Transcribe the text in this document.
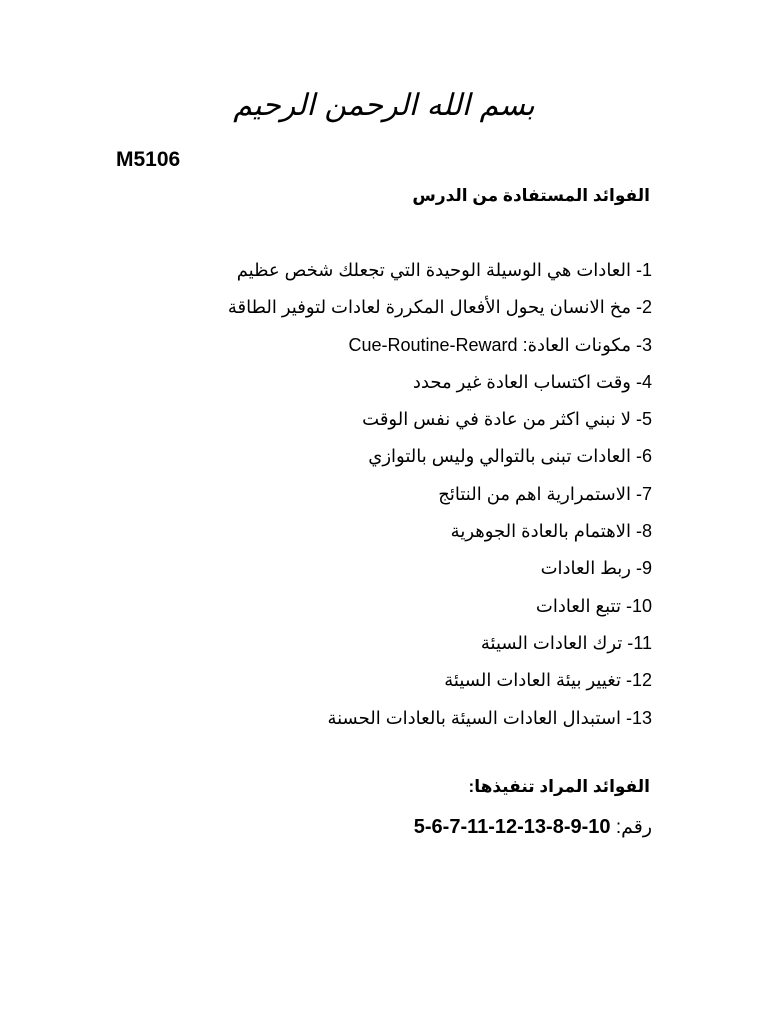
بسم الله الرحمن الرحيم
M5106
الفوائد المستفادة من الدرس
1- العادات هي الوسيلة الوحيدة التي تجعلك شخص عظيم
2- مخ الانسان يحول الأفعال المكررة لعادات لتوفير الطاقة
3- مكونات العادة: Cue-Routine-Reward
4- وقت اكتساب العادة غير محدد
5- لا نبني اكثر من عادة في نفس الوقت
6- العادات تبنى بالتوالي وليس بالتوازي
7- الاستمرارية اهم من النتائج
8- الاهتمام بالعادة الجوهرية
9- ربط العادات
10- تتبع العادات
11- ترك العادات السيئة
12- تغيير بيئة العادات السيئة
13- استبدال العادات السيئة بالعادات الحسنة
الفوائد المراد تنفيذها:
رقم: 5-6-7-11-12-13-8-9-10
